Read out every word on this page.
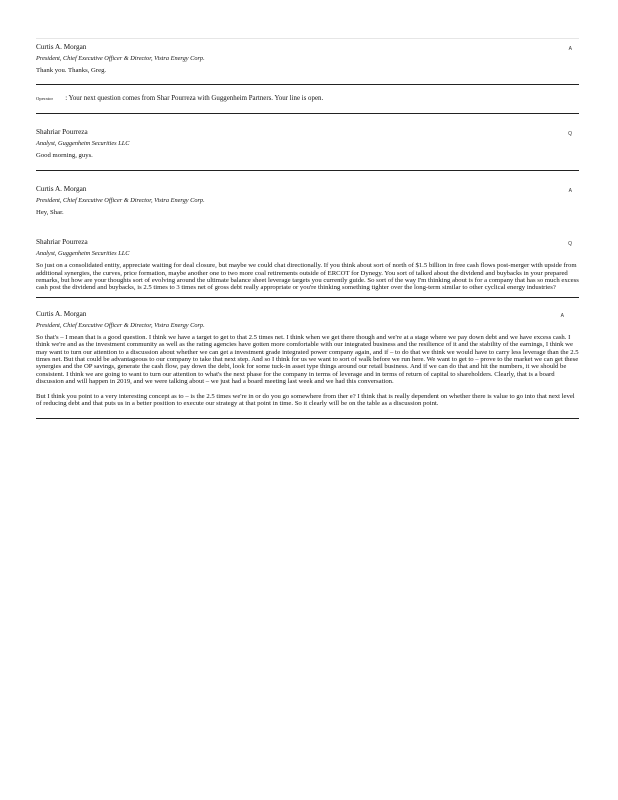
Curtis A. Morgan
President, Chief Executive Officer & Director, Vistra Energy Corp.
A

Thank you. Thanks, Greg.

Operator : Your next question comes from Shar Pourreza with Guggenheim Partners. Your line is open.
Shahriar Pourreza
Analyst, Guggenheim Securities LLC
Q

Good morning, guys.

Curtis A. Morgan
President, Chief Executive Officer & Director, Vistra Energy Corp.
A

Hey, Shar.

Shahriar Pourreza
Analyst, Guggenheim Securities LLC
Q

So just on a consolidated entity, appreciate waiting for deal closure, but maybe we could chat directionally. If you think about sort of north of $1.5 billion in free cash flows post-merger with upside from additional synergies, the curves, price formation, maybe another one to two more coal retirements outside of ERCOT for Dynegy. You sort of talked about the dividend and buybacks in your prepared remarks, but how are your thoughts sort of evolving around the ultimate balance sheet leverage targets you currently guide. So sort of the way I'm thinking about is for a company that has so much excess cash post the dividend and buybacks, is 2.5 times to 3 times net of gross debt really appropriate or you're thinking something tighter over the long-term similar to other cyclical energy industries?

Curtis A. Morgan
President, Chief Executive Officer & Director, Vistra Energy Corp.
A

So that's – I mean that is a good question. I think we have a target to get to that 2.5 times net. I think when we get there though and we're at a stage where we pay down debt and we have excess cash. I think we're and as the investment community as well as the rating agencies have gotten more comfortable with our integrated business and the resilience of it and the stability of the earnings, I think we may want to turn our attention to a discussion about whether we can get a investment grade integrated power company again, and if – to do that we think we would have to carry less leverage than the 2.5 times net. But that could be advantageous to our company to take that next step. And so I think for us we want to sort of walk before we run here. We want to get to – prove to the market we can get these synergies and the OP savings, generate the cash flow, pay down the debt, look for some tuck-in asset type things around our retail business. And if we can do that and hit the numbers, it we should be consistent. I think we are going to want to turn our attention to what's the next phase for the company in terms of leverage and in terms of return of capital to shareholders. Clearly, that is a board discussion and will happen in 2019, and we were talking about – we just had a board meeting last week and we had this conversation.

But I think you point to a very interesting concept as to – is the 2.5 times we're in or do you go somewhere from ther e? I think that is really dependent on whether there is value to go into that next level of reducing debt and that puts us in a better position to execute our strategy at that point in time. So it clearly will be on the table as a discussion point.
